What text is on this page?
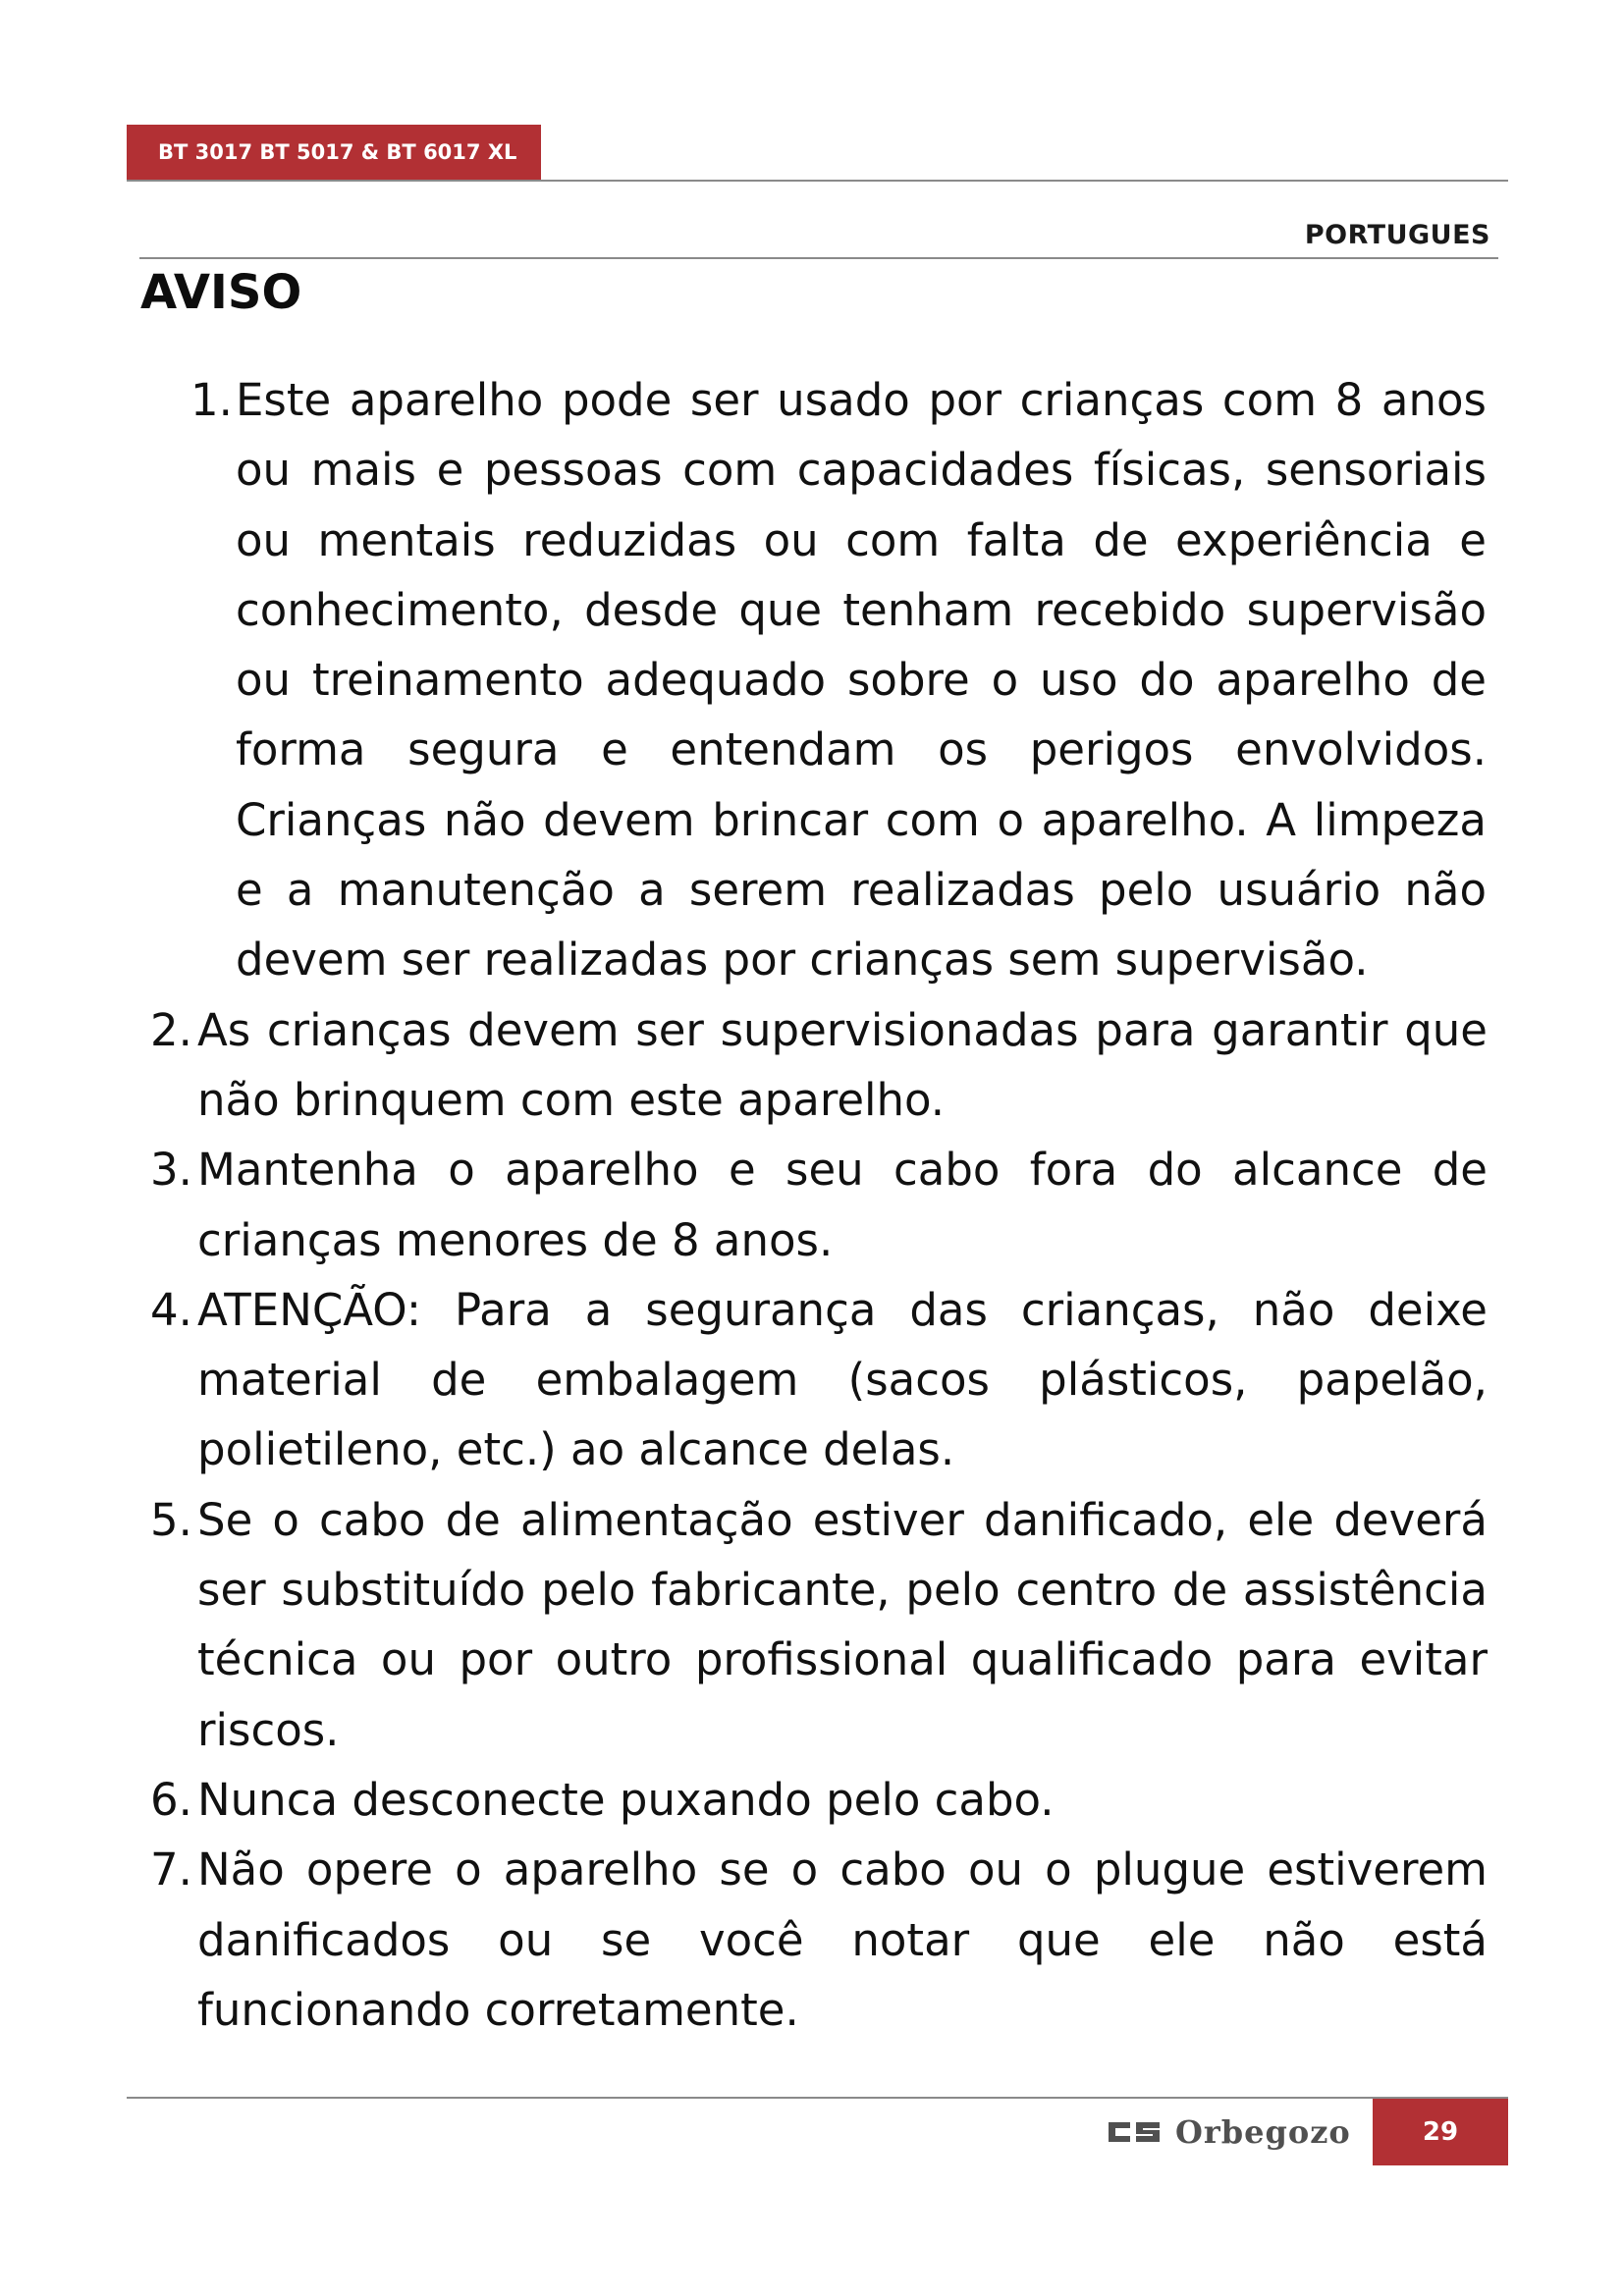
BT 3017 BT 5017 & BT 6017 XL
PORTUGUES
AVISO
1. Este aparelho pode ser usado por crianças com 8 anos ou mais e pessoas com capacidades físicas, sensoriais ou mentais reduzidas ou com falta de experiência e conhecimento, desde que tenham recebido supervisão ou treinamento adequado sobre o uso do aparelho de forma segura e entendam os perigos envolvidos. Crianças não devem brincar com o aparelho. A limpeza e a manutenção a serem realizadas pelo usuário não devem ser realizadas por crianças sem supervisão.
2. As crianças devem ser supervisionadas para garantir que não brinquem com este aparelho.
3. Mantenha o aparelho e seu cabo fora do alcance de crianças menores de 8 anos.
4. ATENÇÃO: Para a segurança das crianças, não deixe material de embalagem (sacos plásticos, papelão, polietileno, etc.) ao alcance delas.
5. Se o cabo de alimentação estiver danificado, ele deverá ser substituído pelo fabricante, pelo centro de assistência técnica ou por outro profissional qualificado para evitar riscos.
6. Nunca desconecte puxando pelo cabo.
7. Não opere o aparelho se o cabo ou o plugue estiverem danificados ou se você notar que ele não está funcionando corretamente.
Orbegozo	29
